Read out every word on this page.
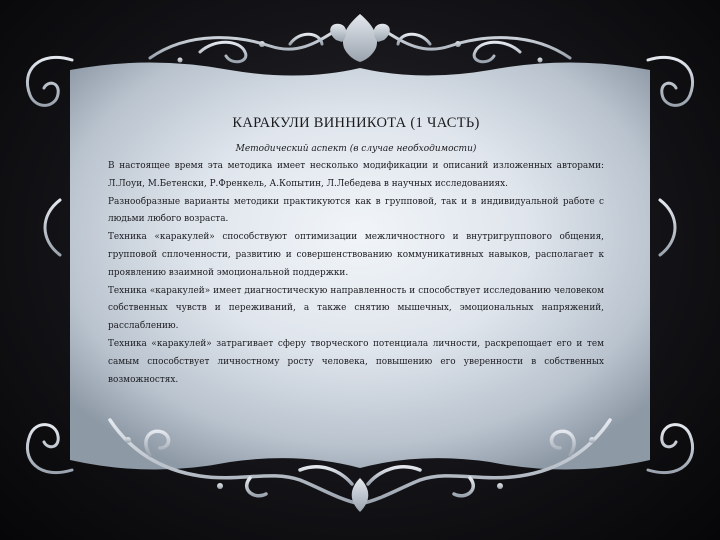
КАРАКУЛИ ВИННИКОТА (1 ЧАСТЬ)
Методический аспект (в случае необходимости)

В настоящее время эта методика имеет несколько модификации и описаний изложенных авторами: Л.Лоуи, М.Бетенски, Р.Френкель, А.Копытин, Л.Лебедева в научных исследованиях.

Разнообразные варианты методики практикуются как в групповой, так и в индивидуальной работе с людьми любого возраста.

Техника «каракулей» способствуют оптимизации межличностного и внутригруппового общения, групповой сплоченности, развитию и совершенствованию коммуникативных навыков, располагает к проявлению взаимной эмоциональной поддержки.

Техника «каракулей» имеет диагностическую направленность и способствует исследованию человеком собственных чувств и переживаний, а также снятию мышечных, эмоциональных напряжений, расслаблению.

Техника «каракулей» затрагивает сферу творческого потенциала личности, раскрепощает его и тем самым способствует личностному росту человека, повышению его уверенности в собственных возможностях.
